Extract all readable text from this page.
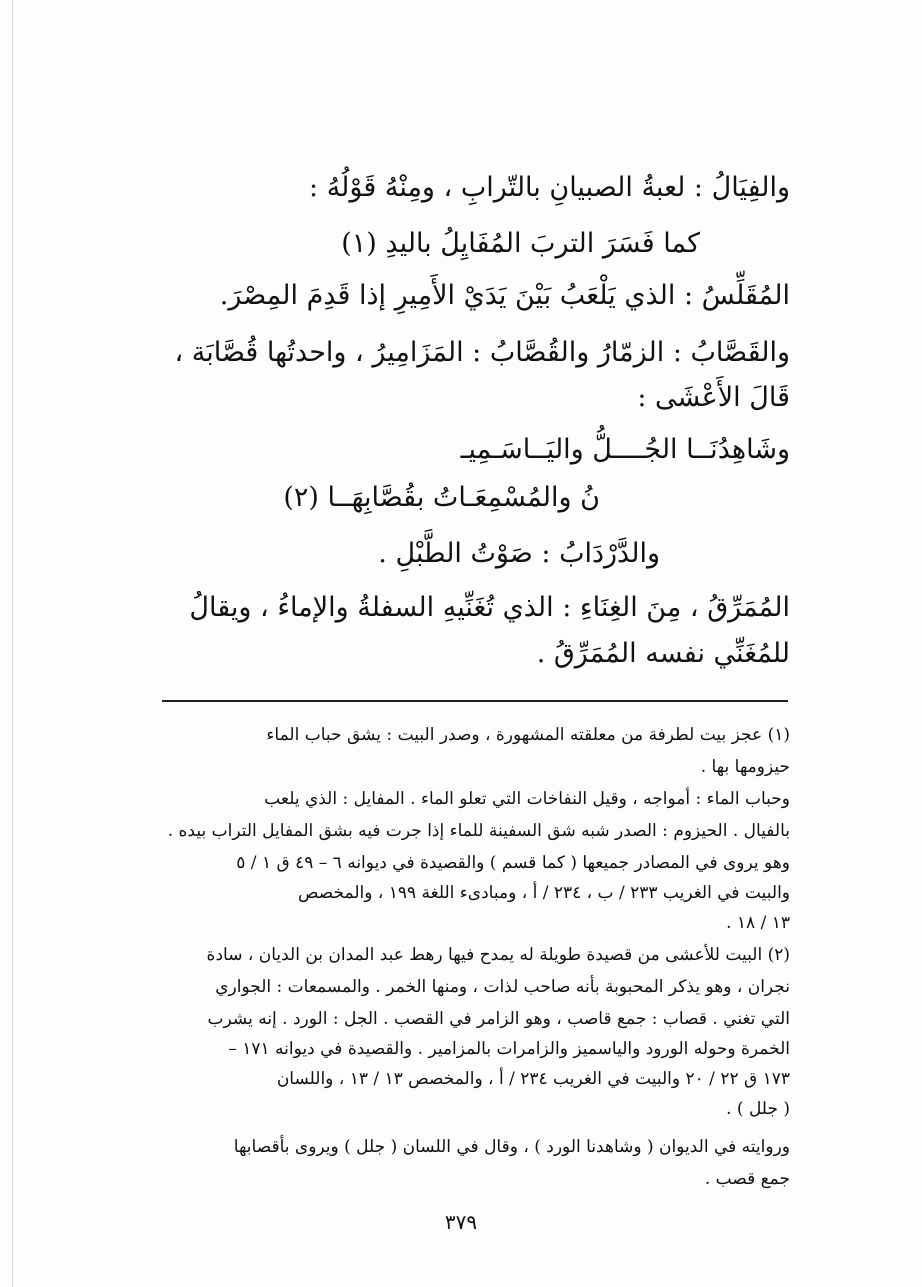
والفِيَالُ : لعبةُ الصبيانِ بالتّرابِ ، ومِنْهُ قَوْلُهُ :
كما فَسَرَ التربَ المُفَايِلُ باليدِ (١)
المُقَلِّسُ : الذي يَلْعَبُ بَيْنَ يَدَيْ الأَمِيرِ إذا قَدِمَ المِصْرَ.
والقَصَّابُ : الزمّارُ والقُصَّابُ : المَزَامِيرُ ، واحدتُها قُصَّابَة ،
قَالَ الأَعْشَى :
وشَاهِدُنَــا الجُــــلُّ واليَــاسَـمِيـ
نُ والمُسْمِعَـاتُ بقُصَّابِهَــا (٢)
والدَّرْدَابُ : صَوْتُ الطَّبْلِ .
المُمَرِّقُ ، مِنَ الغِنَاءِ : الذي تُغَنِّيهِ السفلةُ والإماءُ ، ويقالُ
للمُغَنِّي نفسه المُمَرِّقُ .
(١) عجز بيت لطرفة من معلقته المشهورة ، وصدر البيت : يشق حباب الماء
حيزومها بها .
وحباب الماء : أمواجه ، وقيل النفاخات التي تعلو الماء . المفايل : الذي يلعب
بالفيال . الحيزوم : الصدر شبه شق السفينة للماء إذا جرت فيه بشق المفايل التراب بيده .
وهو يروى في المصادر جميعها ( كما قسم ) والقصيدة في ديوانه ٦ – ٤٩ ق ١ / ٥
والبيت في الغريب ٢٣٣ / ب ، ٢٣٤ / أ ، ومبادىء اللغة ١٩٩ ، والمخصص
١٣ / ١٨ .
(٢) البيت للأعشى من قصيدة طويلة له يمدح فيها رهط عبد المدان بن الديان ، سادة
نجران ، وهو يذكر المحبوبة بأنه صاحب لذات ، ومنها الخمر . والمسمعات : الجواري
التي تغني . قصاب : جمع قاصب ، وهو الزامر في القصب . الجل : الورد . إنه يشرب
الخمرة وحوله الورود والياسميز والزامرات بالمزامير . والقصيدة في ديوانه ١٧١ –
١٧٣ ق ٢٢ / ٢٠ والبيت في الغريب ٢٣٤ / أ ، والمخصص ١٣ / ١٣ ، واللسان
( جلل ) .
وروايته في الديوان ( وشاهدنا الورد ) ، وقال في اللسان ( جلل ) ويروى بأقصابها
جمع قصب .
٣٧٩
